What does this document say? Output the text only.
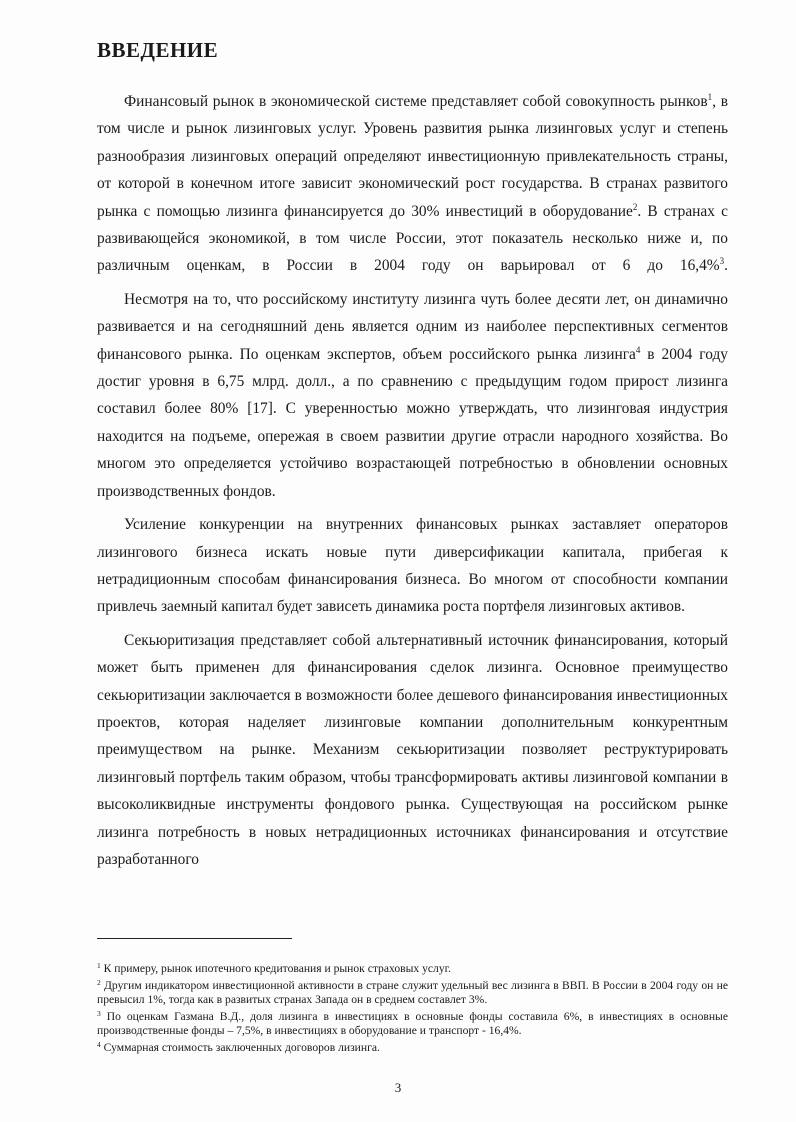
ВВЕДЕНИЕ

Финансовый рынок в экономической системе представляет собой совокупность рынков$^1$, в том числе и рынок лизинговых услуг. Уровень развития рынка лизинговых услуг и степень разнообразия лизинговых операций определяют инвестиционную привлекательность страны, от которой в конечном итоге зависит экономический рост государства. В странах развитого рынка с помощью лизинга финансируется до 30% инвестиций в оборудование$^2$. В странах с развивающейся экономикой, в том числе России, этот показатель несколько ниже и, по различным оценкам, в России в 2004 году он варьировал от 6 до 16,4%$^3$.

Несмотря на то, что российскому институту лизинга чуть более десяти лет, он динамично развивается и на сегодняшний день является одним из наиболее перспективных сегментов финансового рынка. По оценкам экспертов, объем российского рынка лизинга$^4$ в 2004 году достиг уровня в 6,75 млрд. долл., а по сравнению с предыдущим годом прирост лизинга составил более 80% [17]. С уверенностью можно утверждать, что лизинговая индустрия находится на подъеме, опережая в своем развитии другие отрасли народного хозяйства. Во многом это определяется устойчиво возрастающей потребностью в обновлении основных производственных фондов.

Усиление конкуренции на внутренних финансовых рынках заставляет операторов лизингового бизнеса искать новые пути диверсификации капитала, прибегая к нетрадиционным способам финансирования бизнеса. Во многом от способности компании привлечь заемный капитал будет зависеть динамика роста портфеля лизинговых активов.

Секьюритизация представляет собой альтернативный источник финансирования, который может быть применен для финансирования сделок лизинга. Основное преимущество секьюритизации заключается в возможности более дешевого финансирования инвестиционных проектов, которая наделяет лизинговые компании дополнительным конкурентным преимуществом на рынке. Механизм секьюритизации позволяет реструктурировать лизинговый портфель таким образом, чтобы трансформировать активы лизинговой компании в высоколиквидные инструменты фондового рынка. Существующая на российском рынке лизинга потребность в новых нетрадиционных источниках финансирования и отсутствие разработанного

$^1$ К примеру, рынок ипотечного кредитования и рынок страховых услуг.

$^2$ Другим индикатором инвестиционной активности в стране служит удельный вес лизинга в ВВП. В России в 2004 году он не превысил 1%, тогда как в развитых странах Запада он в среднем составлет 3%.

$^3$ По оценкам Газмана В.Д., доля лизинга в инвестициях в основные фонды составила 6%, в инвестициях в основные производственные фонды – 7,5%, в инвестициях в оборудование и транспорт - 16,4%.

$^4$ Суммарная стоимость заключенных договоров лизинга.

3
